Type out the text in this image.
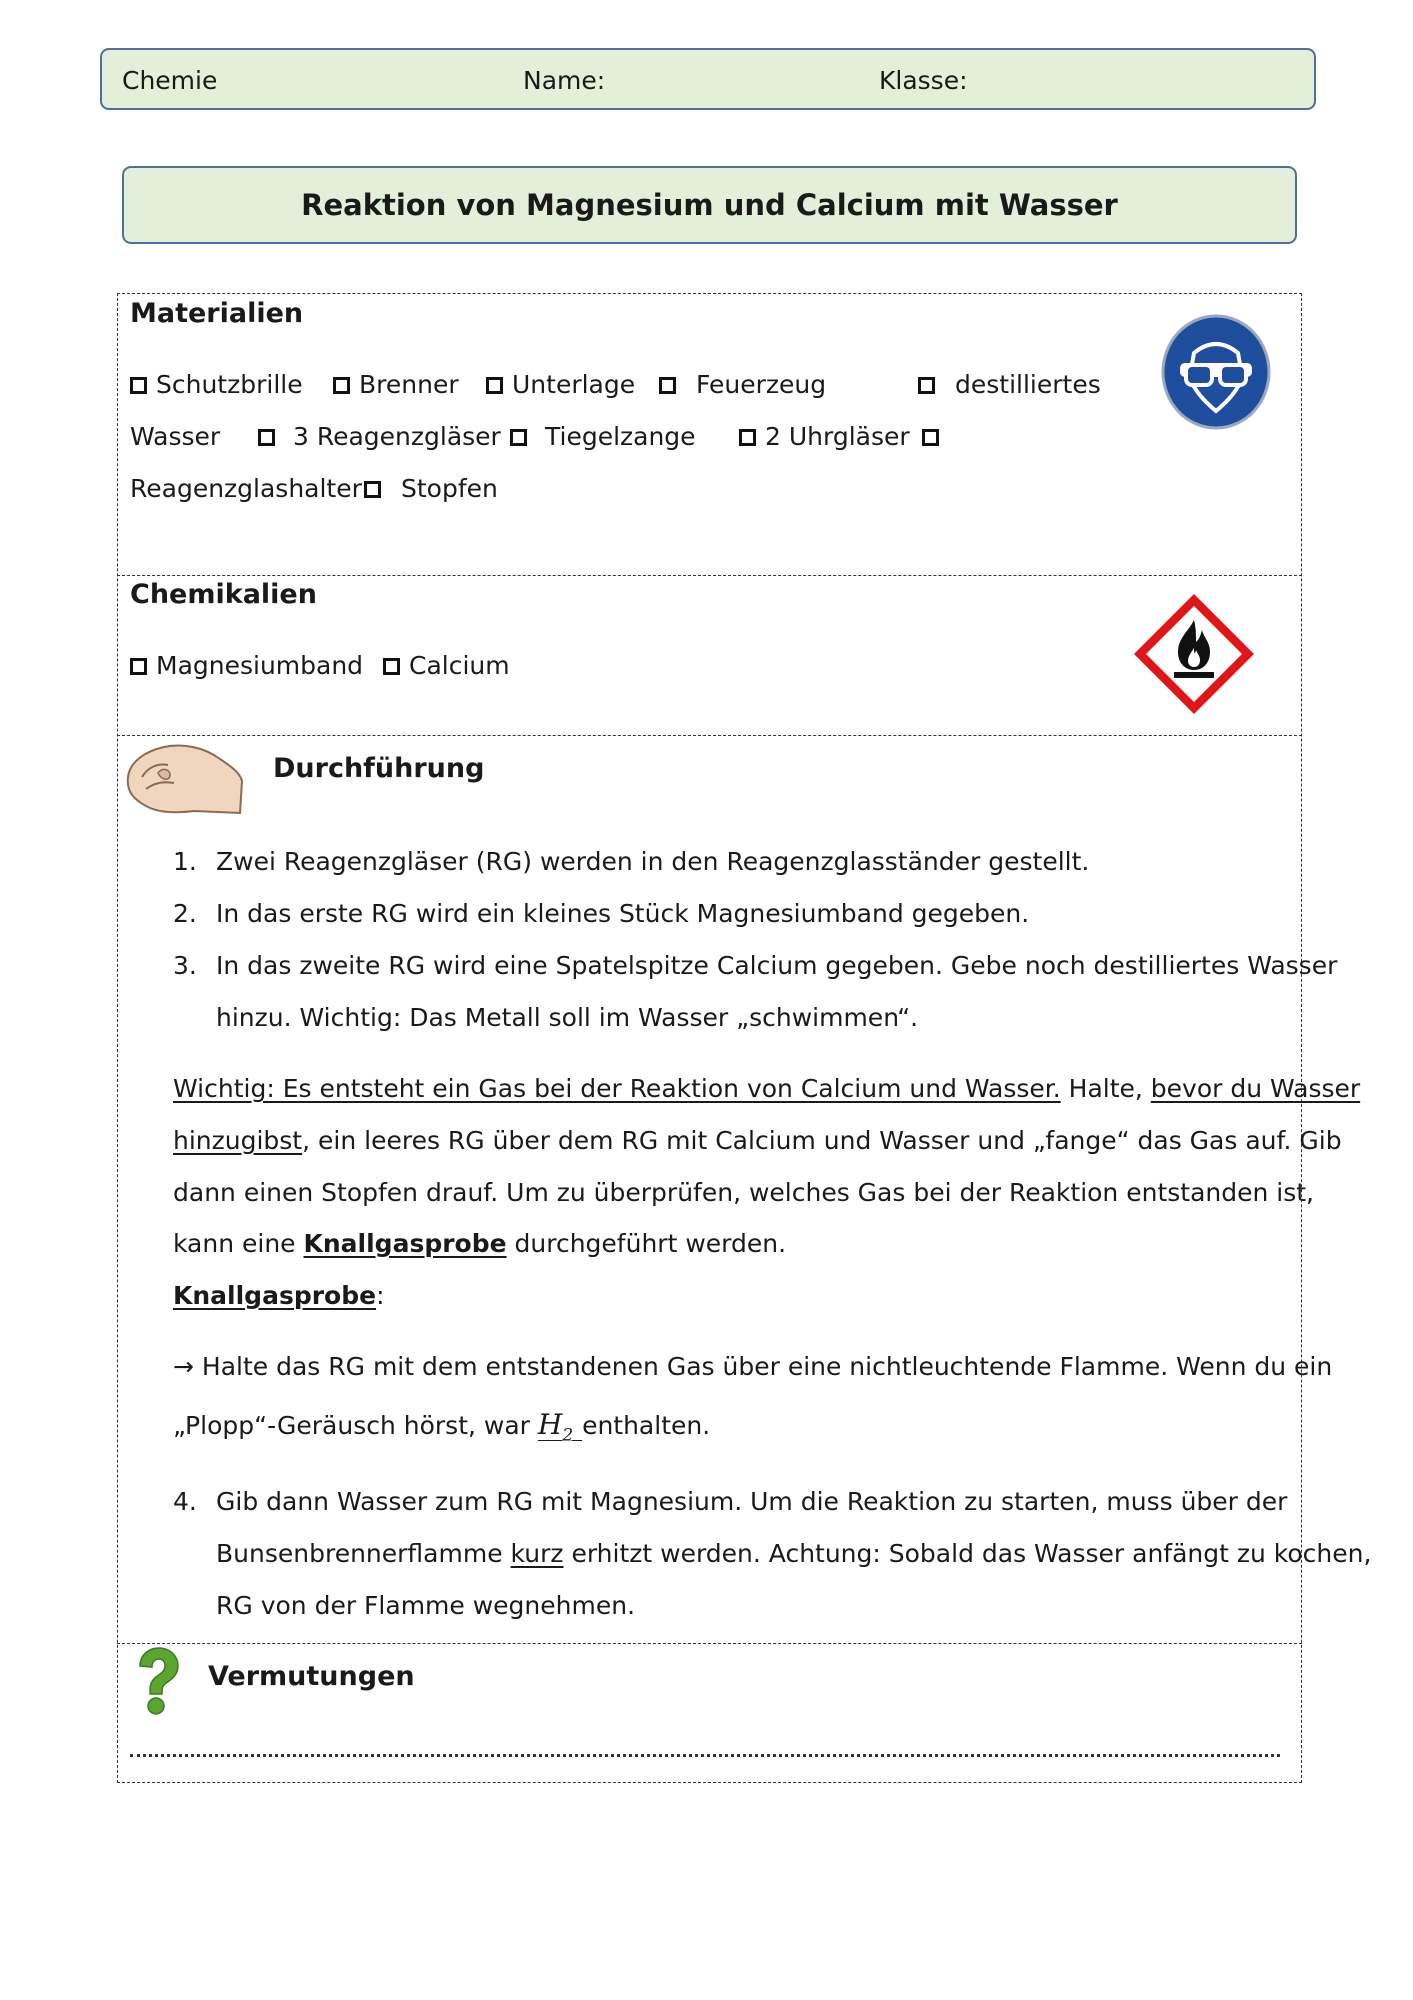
Chemie	Name:	Klasse:
Reaktion von Magnesium und Calcium mit Wasser
Materialien
Schutzbrille	Brenner	Unterlage	Feuerzeug	destilliertes
Wasser	3 Reagenzgläser	Tiegelzange	2 Uhrgläser
Reagenzglashalter	Stopfen
Chemikalien
Magnesiumband	Calcium
Durchführung
1. Zwei Reagenzgläser (RG) werden in den Reagenzglasständer gestellt.
2. In das erste RG wird ein kleines Stück Magnesiumband gegeben.
3. In das zweite RG wird eine Spatelspitze Calcium gegeben. Gebe noch destilliertes Wasser
hinzu. Wichtig: Das Metall soll im Wasser „schwimmen“.
Wichtig: Es entsteht ein Gas bei der Reaktion von Calcium und Wasser. Halte, bevor du Wasser
hinzugibst, ein leeres RG über dem RG mit Calcium und Wasser und „fange“ das Gas auf. Gib
dann einen Stopfen drauf. Um zu überprüfen, welches Gas bei der Reaktion entstanden ist,
kann eine Knallgasprobe durchgeführt werden.
Knallgasprobe:
→ Halte das RG mit dem entstandenen Gas über eine nichtleuchtende Flamme. Wenn du ein
„Plopp“-Geräusch hörst, war $H_2​$ enthalten.
4. Gib dann Wasser zum RG mit Magnesium. Um die Reaktion zu starten, muss über der
Bunsenbrennerflamme kurz erhitzt werden. Achtung: Sobald das Wasser anfängt zu kochen,
RG von der Flamme wegnehmen.
Vermutungen
